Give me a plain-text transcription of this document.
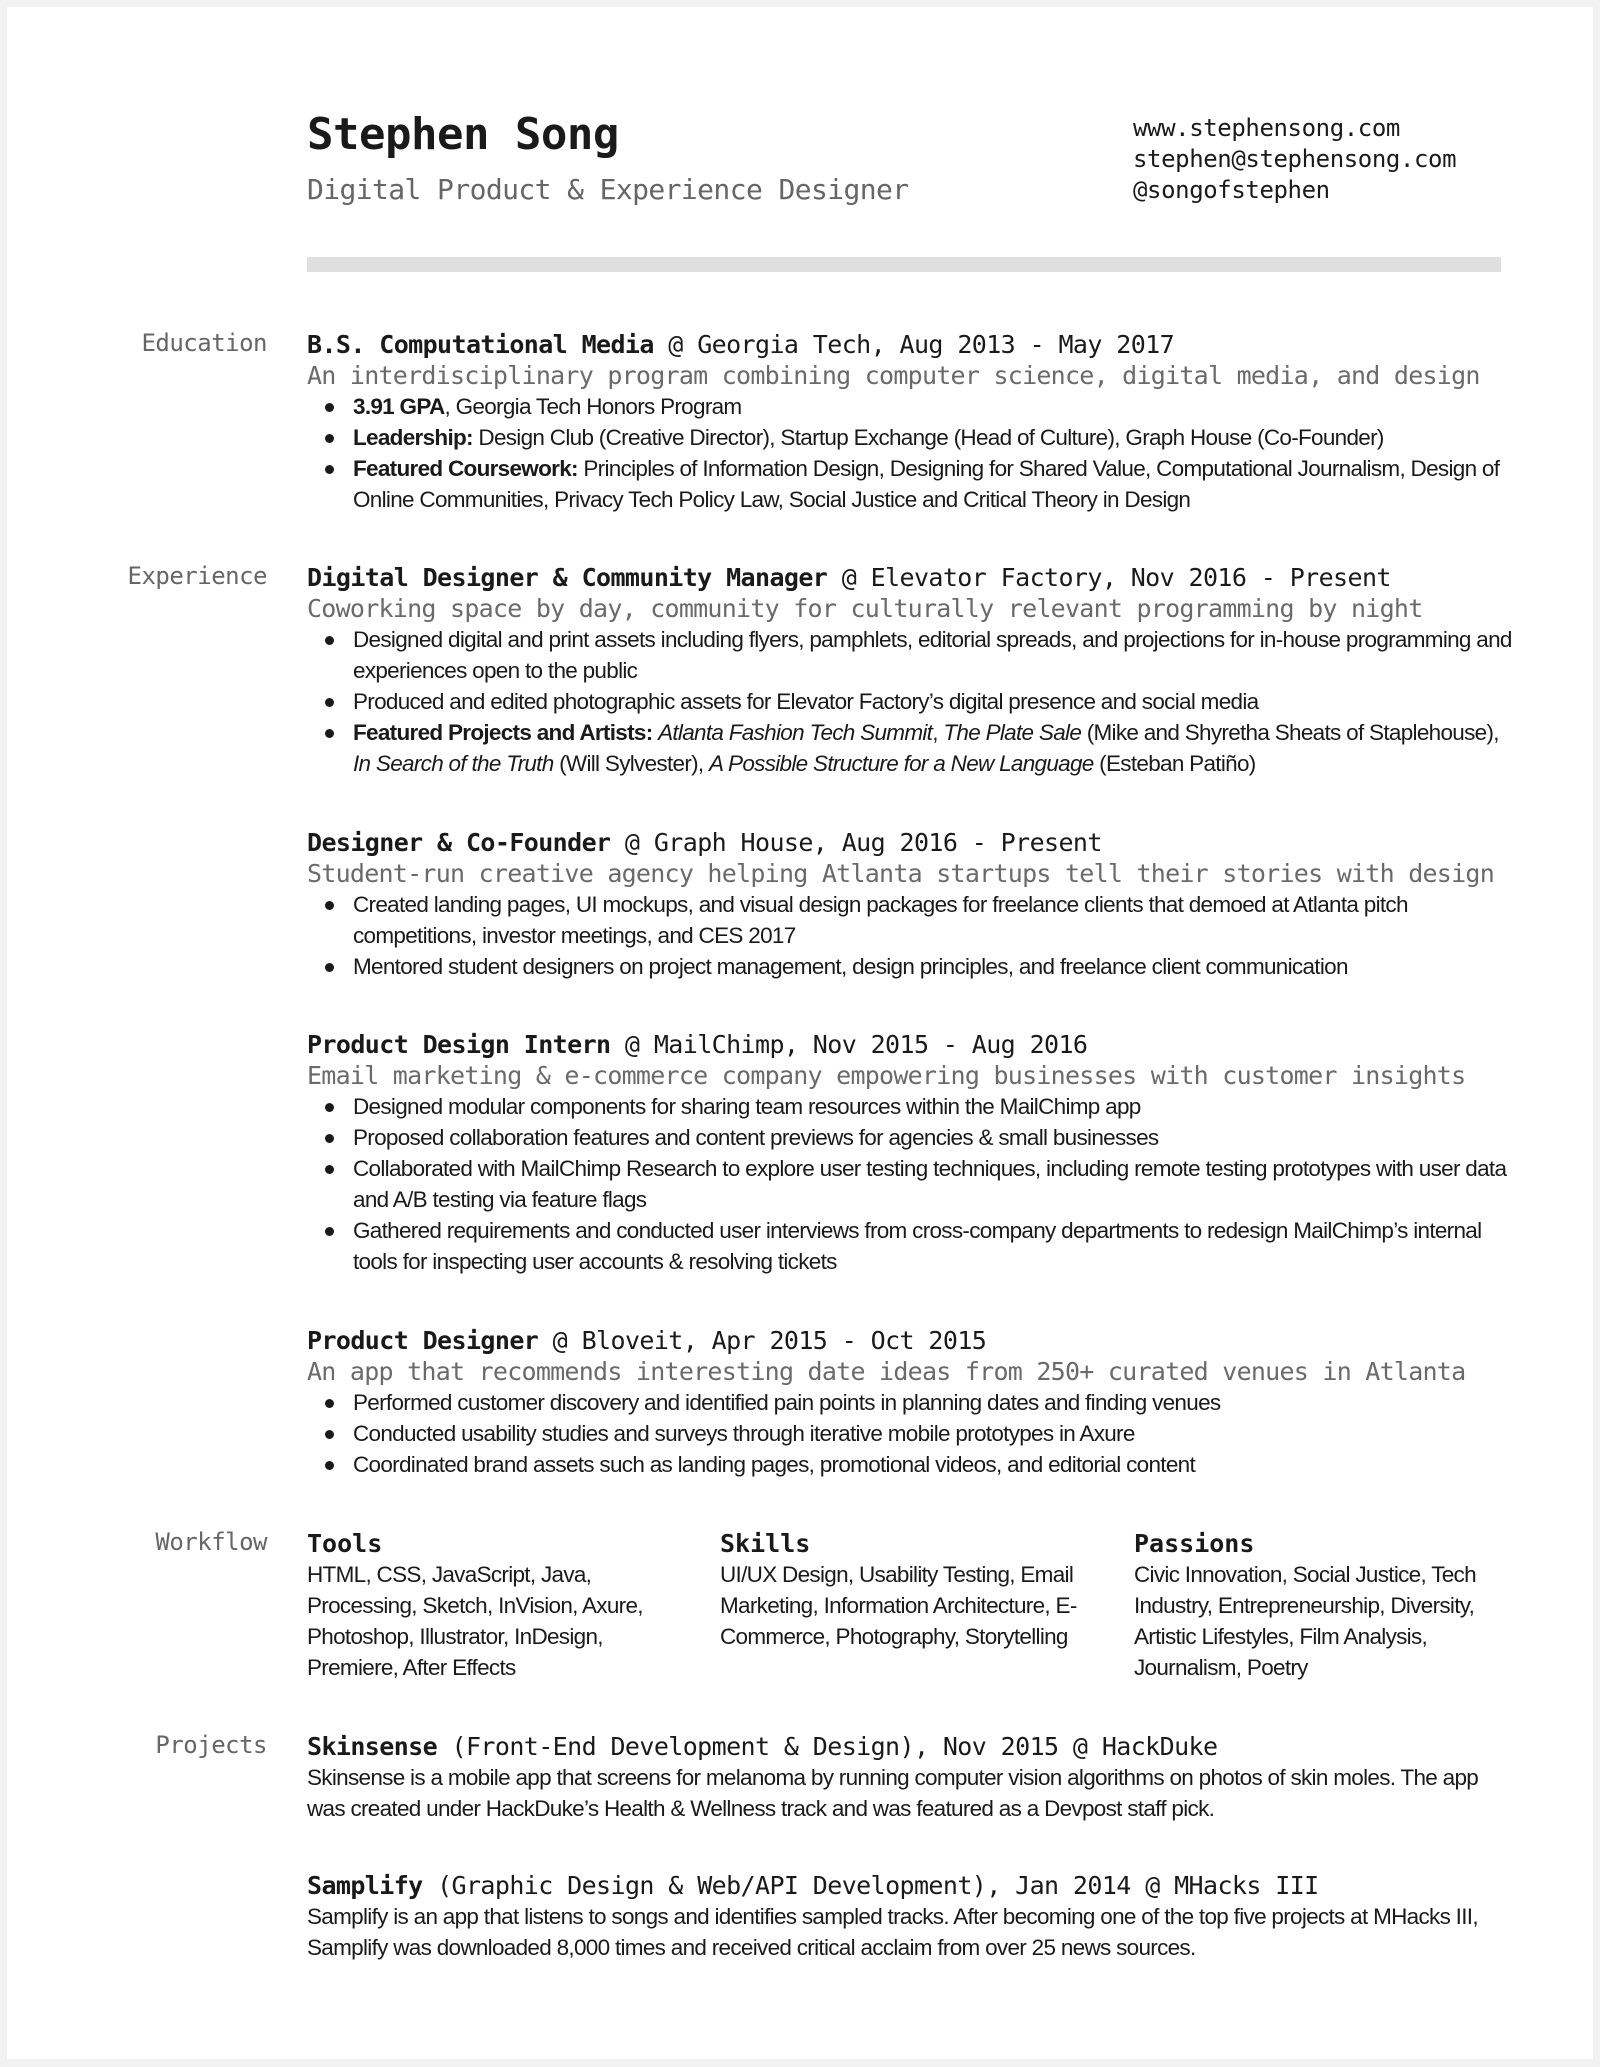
Stephen Song
Digital Product & Experience Designer
www.stephensong.com
stephen@stephensong.com
@songofstephen
Education B.S. Computational Media @ Georgia Tech, Aug 2013 - May 2017
An interdisciplinary program combining computer science, digital media, and design
3.91 GPA, Georgia Tech Honors Program
Leadership: Design Club (Creative Director), Startup Exchange (Head of Culture), Graph House (Co-Founder)
Featured Coursework: Principles of Information Design, Designing for Shared Value, Computational Journalism, Design of Online Communities, Privacy Tech Policy Law, Social Justice and Critical Theory in Design
Experience Digital Designer & Community Manager @ Elevator Factory, Nov 2016 - Present
Coworking space by day, community for culturally relevant programming by night
Designed digital and print assets including flyers, pamphlets, editorial spreads, and projections for in-house programming and experiences open to the public
Produced and edited photographic assets for Elevator Factory’s digital presence and social media
Featured Projects and Artists: Atlanta Fashion Tech Summit, The Plate Sale (Mike and Shyretha Sheats of Staplehouse), In Search of the Truth (Will Sylvester), A Possible Structure for a New Language (Esteban Patiño)
Designer & Co-Founder @ Graph House, Aug 2016 - Present
Student-run creative agency helping Atlanta startups tell their stories with design
Created landing pages, UI mockups, and visual design packages for freelance clients that demoed at Atlanta pitch competitions, investor meetings, and CES 2017
Mentored student designers on project management, design principles, and freelance client communication
Product Design Intern @ MailChimp, Nov 2015 - Aug 2016
Email marketing & e-commerce company empowering businesses with customer insights
Designed modular components for sharing team resources within the MailChimp app
Proposed collaboration features and content previews for agencies & small businesses
Collaborated with MailChimp Research to explore user testing techniques, including remote testing prototypes with user data and A/B testing via feature flags
Gathered requirements and conducted user interviews from cross-company departments to redesign MailChimp’s internal tools for inspecting user accounts & resolving tickets
Product Designer @ Bloveit, Apr 2015 - Oct 2015
An app that recommends interesting date ideas from 250+ curated venues in Atlanta
Performed customer discovery and identified pain points in planning dates and finding venues
Conducted usability studies and surveys through iterative mobile prototypes in Axure
Coordinated brand assets such as landing pages, promotional videos, and editorial content
Workflow Tools
HTML, CSS, JavaScript, Java, Processing, Sketch, InVision, Axure, Photoshop, Illustrator, InDesign, Premiere, After Effects
Skills
UI/UX Design, Usability Testing, Email Marketing, Information Architecture, E-Commerce, Photography, Storytelling
Passions
Civic Innovation, Social Justice, Tech Industry, Entrepreneurship, Diversity, Artistic Lifestyles, Film Analysis, Journalism, Poetry
Projects Skinsense (Front-End Development & Design), Nov 2015 @ HackDuke
Skinsense is a mobile app that screens for melanoma by running computer vision algorithms on photos of skin moles. The app was created under HackDuke’s Health & Wellness track and was featured as a Devpost staff pick.
Samplify (Graphic Design & Web/API Development), Jan 2014 @ MHacks III
Samplify is an app that listens to songs and identifies sampled tracks. After becoming one of the top five projects at MHacks III, Samplify was downloaded 8,000 times and received critical acclaim from over 25 news sources.
